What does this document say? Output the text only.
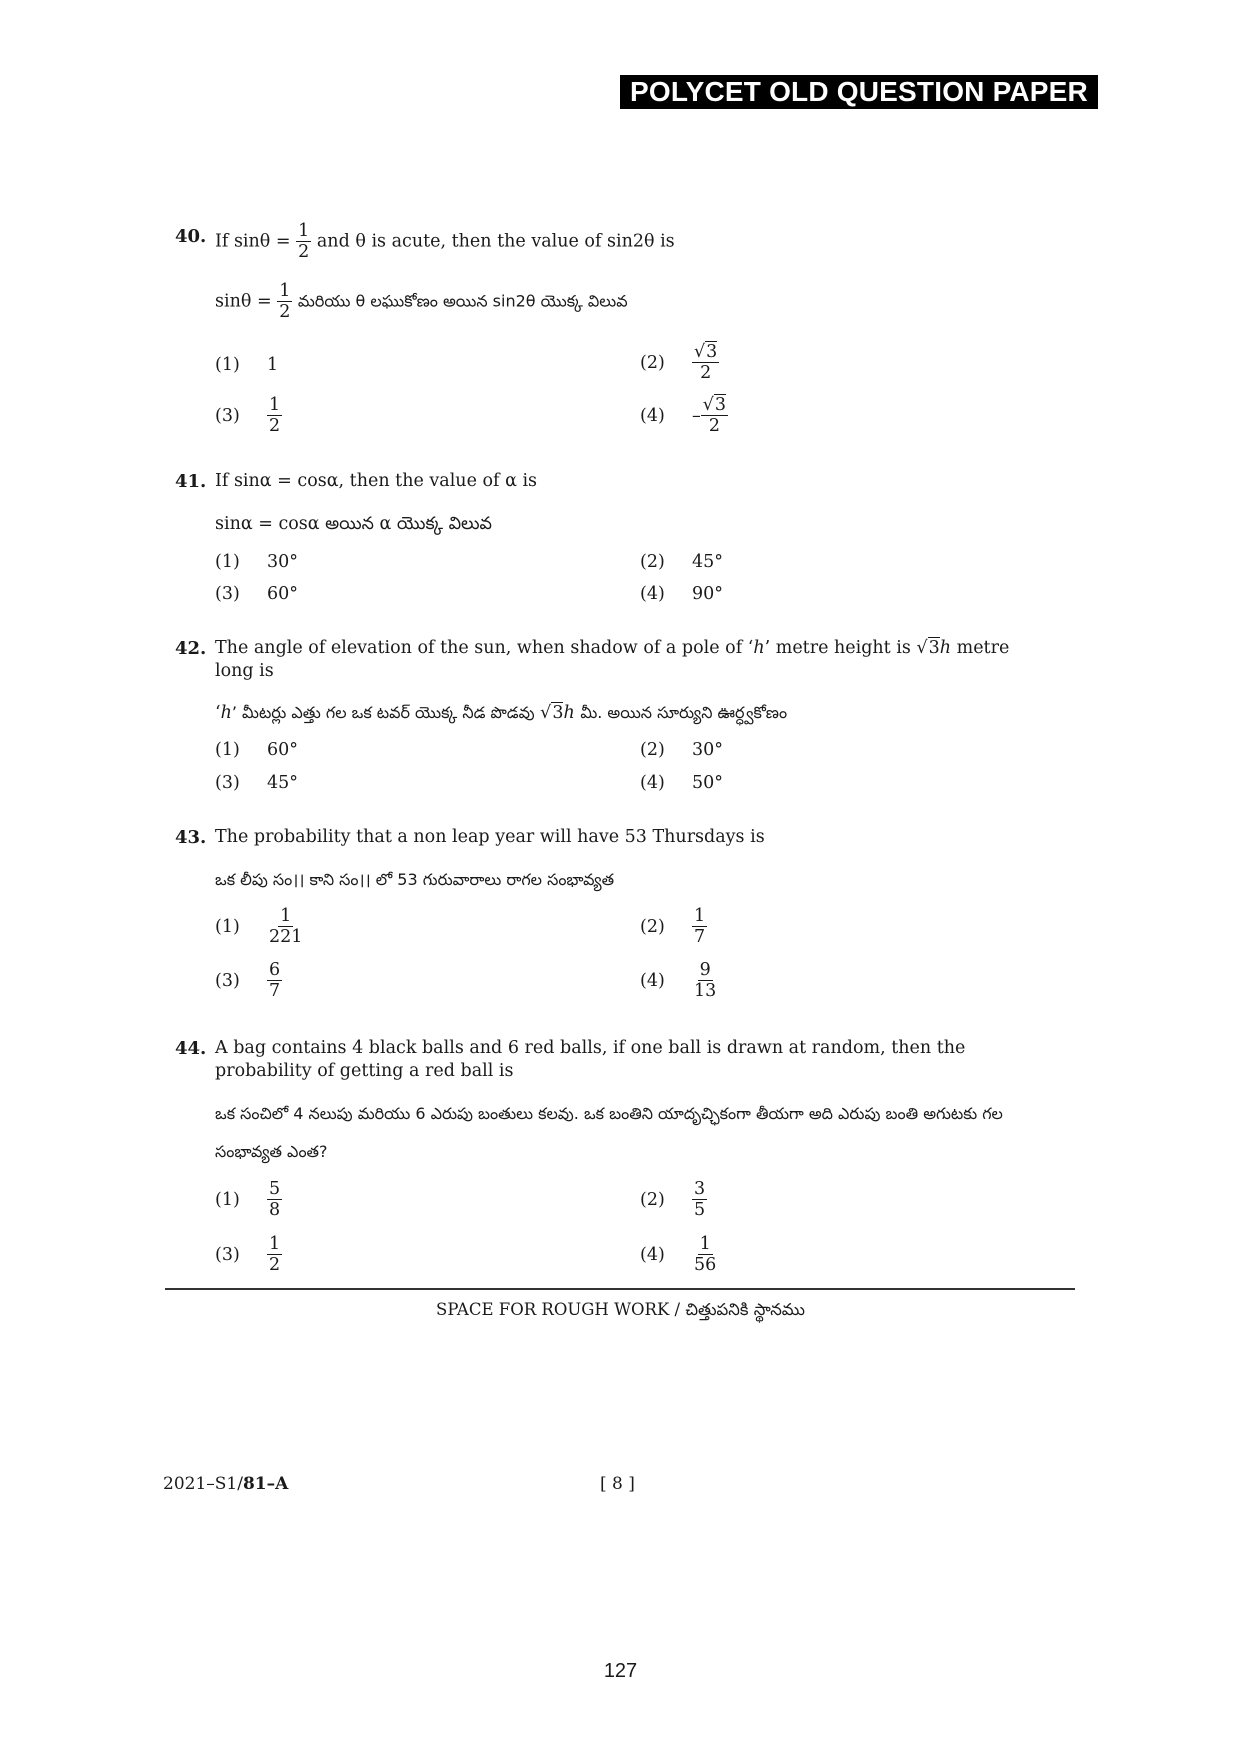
POLYCET OLD QUESTION PAPER
40. If $\sin\theta = \frac{1}{2}$ and θ is acute, then the value of sin2θ is
$\sin\theta = \frac{1}{2}$ మరియు θ లఘుకోణం అయిన sin2θ యొక్క విలువ
(1)	1	(2)	$\frac{√3}{2}$
(3)	$\frac{1}{2}$	(4)	– $\frac{√3}{2}$
41. If sinα = cosα, then the value of α is
sinα = cosα అయిన α యొక్క విలువ
(1)	30°	(2)	45°
(3)	60°	(4)	90°
42. The angle of elevation of the sun, when shadow of a pole of ‘h’ metre height is √3h metre
long is
‘h’ మీటర్లు ఎత్తు గల ఒక టవర్ యొక్క నీడ పొడవు √3h మీ. అయిన సూర్యుని ఊర్ధ్వకోణం
(1)	60°	(2)	30°
(3)	45°	(4)	50°
43. The probability that a non leap year will have 53 Thursdays is
ఒక లీపు సం।। కాని సం।। లో 53 గురువారాలు రాగల సంభావ్యత
(1)	$\frac{1}{221}$	(2)	$\frac{1}{7}$
(3)	$\frac{6}{7}$	(4)	$\frac{9}{13}$
44. A bag contains 4 black balls and 6 red balls, if one ball is drawn at random, then the
probability of getting a red ball is
ఒక సంచిలో 4 నలుపు మరియు 6 ఎరుపు బంతులు కలవు. ఒక బంతిని యాదృచ్ఛికంగా తీయగా అది ఎరుపు బంతి అగుటకు గల
సంభావ్యత ఎంత?
(1)	$\frac{5}{8}$	(2)	$\frac{3}{5}$
(3)	$\frac{1}{2}$	(4)	$\frac{1}{56}$
SPACE FOR ROUGH WORK / చిత్తుపనికి స్థానము
2021–S1/81–A	[ 8 ]
127
